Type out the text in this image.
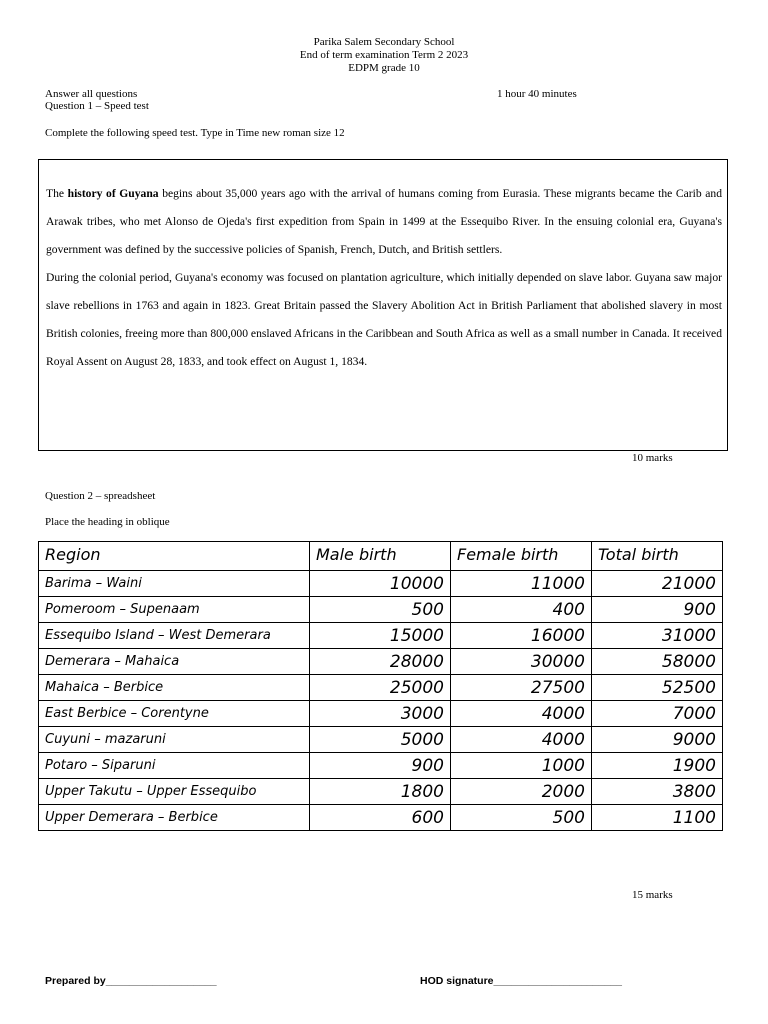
Parika Salem Secondary School
End of term examination Term 2 2023
EDPM grade 10
Answer all questions	1 hour 40 minutes
Question 1 – Speed test
Complete the following speed test. Type in Time new roman size 12

The history of Guyana begins about 35,000 years ago with the arrival of humans coming from Eurasia. These migrants became the Carib and Arawak tribes, who met Alonso de Ojeda's first expedition from Spain in 1499 at the Essequibo River. In the ensuing colonial era, Guyana's government was defined by the successive policies of Spanish, French, Dutch, and British settlers.

During the colonial period, Guyana's economy was focused on plantation agriculture, which initially depended on slave labor. Guyana saw major slave rebellions in 1763 and again in 1823. Great Britain passed the Slavery Abolition Act in British Parliament that abolished slavery in most British colonies, freeing more than 800,000 enslaved Africans in the Caribbean and South Africa as well as a small number in Canada. It received Royal Assent on August 28, 1833, and took effect on August 1, 1834.

10 marks
Question 2 – spreadsheet
Place the heading in oblique
Region	Male birth	Female birth	Total birth
Barima – Waini	10000	11000	21000
Pomeroom – Supenaam	500	400	900
Essequibo Island – West Demerara	15000	16000	31000
Demerara – Mahaica	28000	30000	58000
Mahaica – Berbice	25000	27500	52500
East Berbice – Corentyne	3000	4000	7000
Cuyuni – mazaruni	5000	4000	9000
Potaro – Siparuni	900	1000	1900
Upper Takutu – Upper Essequibo	1800	2000	3800
Upper Demerara – Berbice	600	500	1100
15 marks
Prepared by___________________	HOD signature______________________
